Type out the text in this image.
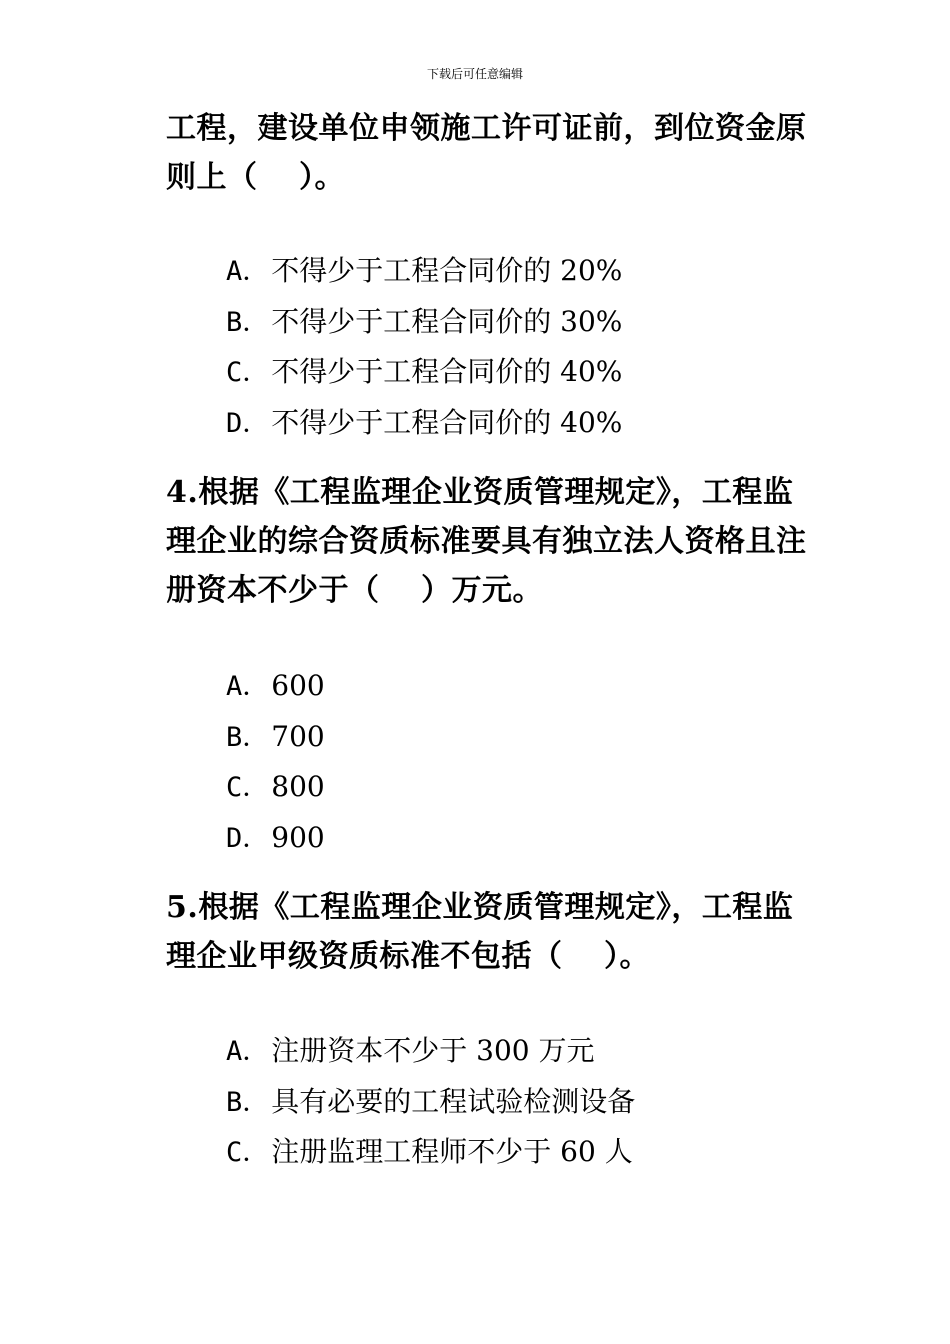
下载后可任意编辑

工程，建设单位申领施工许可证前，到位资金原则上（　 ）。

A．不得少于工程合同价的 20%
B．不得少于工程合同价的 30%
C．不得少于工程合同价的 40%
D．不得少于工程合同价的 40%

4.根据《工程监理企业资质管理规定》，工程监理企业的综合资质标准要具有独立法人资格且注册资本不少于（　 ）万元。

A．600
B．700
C．800
D．900

5.根据《工程监理企业资质管理规定》，工程监理企业甲级资质标准不包括（　 ）。

A．注册资本不少于 300 万元
B．具有必要的工程试验检测设备
C．注册监理工程师不少于 60 人
